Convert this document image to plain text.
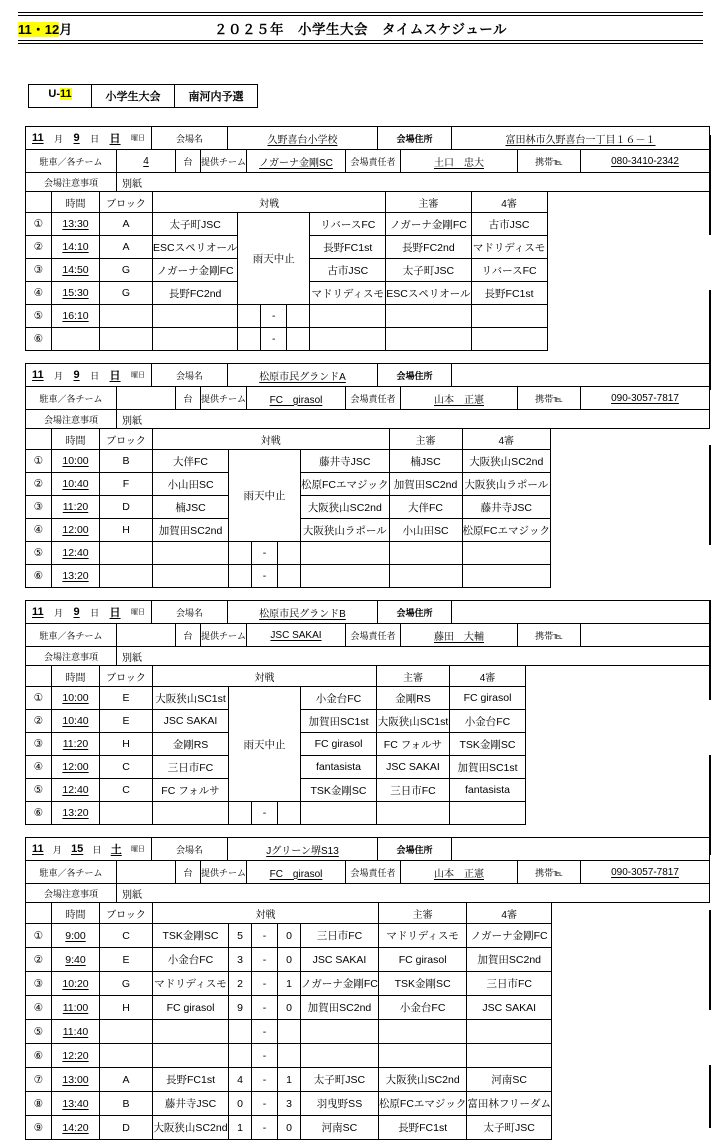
11・12月	２０２５年　小学生大会　タイムスケジュール
U-11	小学生大会	南河内予選
11 月 9 日 日 曜日	会場名	久野喜台小学校	会場住所	富田林市久野喜台一丁目１６－１
駐車／各チーム	4	台 提供チーム	ノガーナ金剛SC	会場責任者	土口　忠大	携帯℡	080-3410-2342
会場注意事項	別紙
	時間	ブロック	対戦					主審	4審
①	13:30	A	太子町JSC	雨天中止			リバースFC	ノガーナ金剛FC	古市JSC
②	14:10	A	ESCスペリオール				長野FC1st	長野FC2nd	マドリディスモ
③	14:50	G	ノガーナ金剛FC				古市JSC	太子町JSC	リバースFC
④	15:30	G	長野FC2nd				マドリディスモ	ESCスペリオール	長野FC1st
⑤	16:10				-				
⑥					-				
11 月 9 日 日 曜日	会場名	松原市民グランドA	会場住所
駐車／各チーム	台 提供チーム	FC　girasol	会場責任者	山本　正憲	携帯℡	090-3057-7817
会場注意事項	別紙
	時間	ブロック	対戦					主審	4審
①	10:00	B	大伴FC	雨天中止			藤井寺JSC	楠JSC	大阪狭山SC2nd
②	10:40	F	小山田SC				松原FCエマジック	加賀田SC2nd	大阪狭山ラポール
③	11:20	D	楠JSC				大阪狭山SC2nd	大伴FC	藤井寺JSC
④	12:00	H	加賀田SC2nd				大阪狭山ラポール	小山田SC	松原FCエマジック
⑤	12:40				-				
⑥	13:20				-				
11 月 9 日 日 曜日	会場名	松原市民グランドB	会場住所
駐車／各チーム	台 提供チーム	JSC SAKAI	会場責任者	藤田　大輔	携帯℡
会場注意事項	別紙
	時間	ブロック	対戦					主審	4審
①	10:00	E	大阪狭山SC1st	雨天中止			小金台FC	金剛RS	FC girasol
②	10:40	E	JSC SAKAI				加賀田SC1st	大阪狭山SC1st	小金台FC
③	11:20	H	金剛RS				FC girasol	FC フォルサ	TSK金剛SC
④	12:00	C	三日市FC				fantasista	JSC SAKAI	加賀田SC1st
⑤	12:40	C	FC フォルサ				TSK金剛SC	三日市FC	fantasista
⑥	13:20				-				
11 月 15 日 土 曜日	会場名	Jグリーン堺S13	会場住所
駐車／各チーム	台 提供チーム	FC　girasol	会場責任者	山本　正憲	携帯℡	090-3057-7817
会場注意事項	別紙
	時間	ブロック	対戦					主審	4審
①	9:00	C	TSK金剛SC	5	-	0	三日市FC	マドリディスモ	ノガーナ金剛FC
②	9:40	E	小金台FC	3	-	0	JSC SAKAI	FC girasol	加賀田SC2nd
③	10:20	G	マドリディスモ	2	-	1	ノガーナ金剛FC	TSK金剛SC	三日市FC
④	11:00	H	FC girasol	9	-	0	加賀田SC2nd	小金台FC	JSC SAKAI
⑤	11:40				-				
⑥	12:20				-				
⑦	13:00	A	長野FC1st	4	-	1	太子町JSC	大阪狭山SC2nd	河南SC
⑧	13:40	B	藤井寺JSC	0	-	3	羽曳野SS	松原FCエマジック	富田林フリーダム
⑨	14:20	D	大阪狭山SC2nd	1	-	0	河南SC	長野FC1st	太子町JSC
